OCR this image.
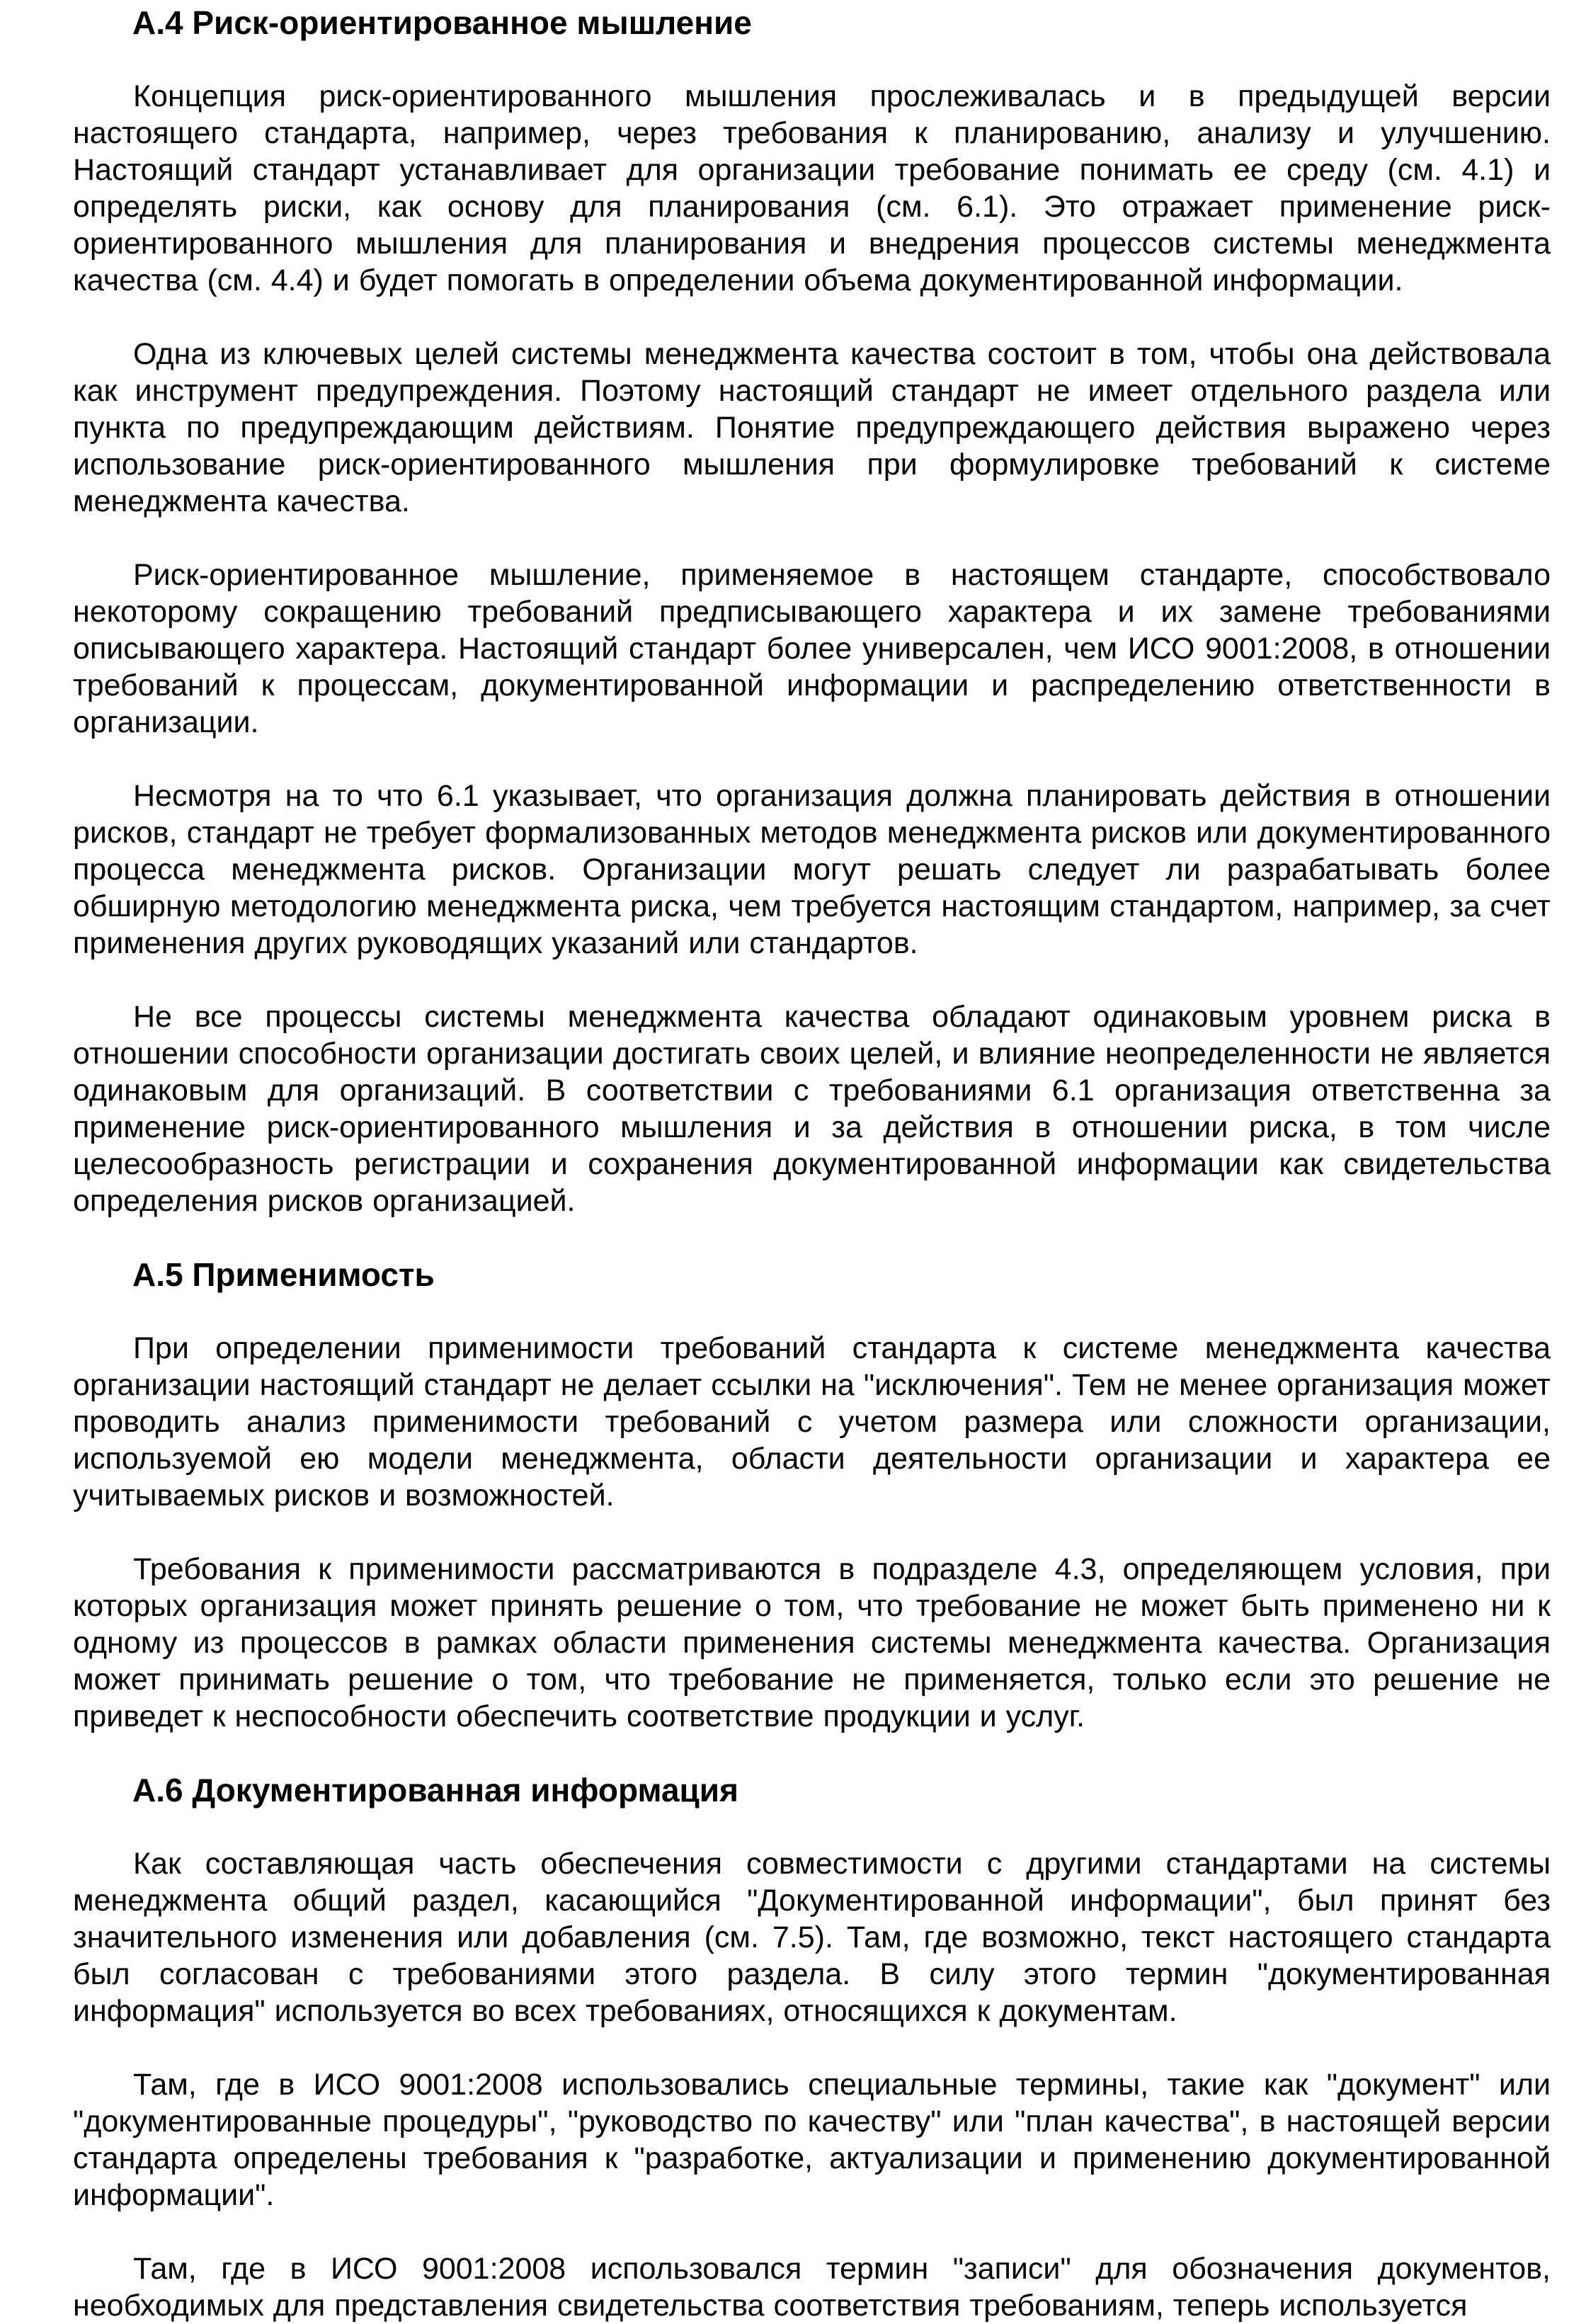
А.4 Риск-ориентированное мышление

Концепция риск-ориентированного мышления прослеживалась и в предыдущей версии настоящего стандарта, например, через требования к планированию, анализу и улучшению. Настоящий стандарт устанавливает для организации требование понимать ее среду (см. 4.1) и определять риски, как основу для планирования (см. 6.1). Это отражает применение риск-ориентированного мышления для планирования и внедрения процессов системы менеджмента качества (см. 4.4) и будет помогать в определении объема документированной информации.

Одна из ключевых целей системы менеджмента качества состоит в том, чтобы она действовала как инструмент предупреждения. Поэтому настоящий стандарт не имеет отдельного раздела или пункта по предупреждающим действиям. Понятие предупреждающего действия выражено через использование риск-ориентированного мышления при формулировке требований к системе менеджмента качества.

Риск-ориентированное мышление, применяемое в настоящем стандарте, способствовало некоторому сокращению требований предписывающего характера и их замене требованиями описывающего характера. Настоящий стандарт более универсален, чем ИСО 9001:2008, в отношении требований к процессам, документированной информации и распределению ответственности в организации.

Несмотря на то что 6.1 указывает, что организация должна планировать действия в отношении рисков, стандарт не требует формализованных методов менеджмента рисков или документированного процесса менеджмента рисков. Организации могут решать следует ли разрабатывать более обширную методологию менеджмента риска, чем требуется настоящим стандартом, например, за счет применения других руководящих указаний или стандартов.

Не все процессы системы менеджмента качества обладают одинаковым уровнем риска в отношении способности организации достигать своих целей, и влияние неопределенности не является одинаковым для организаций. В соответствии с требованиями 6.1 организация ответственна за применение риск-ориентированного мышления и за действия в отношении риска, в том числе целесообразность регистрации и сохранения документированной информации как свидетельства определения рисков организацией.

А.5 Применимость

При определении применимости требований стандарта к системе менеджмента качества организации настоящий стандарт не делает ссылки на "исключения". Тем не менее организация может проводить анализ применимости требований с учетом размера или сложности организации, используемой ею модели менеджмента, области деятельности организации и характера ее учитываемых рисков и возможностей.

Требования к применимости рассматриваются в подразделе 4.3, определяющем условия, при которых организация может принять решение о том, что требование не может быть применено ни к одному из процессов в рамках области применения системы менеджмента качества. Организация может принимать решение о том, что требование не применяется, только если это решение не приведет к неспособности обеспечить соответствие продукции и услуг.

А.6 Документированная информация

Как составляющая часть обеспечения совместимости с другими стандартами на системы менеджмента общий раздел, касающийся "Документированной информации", был принят без значительного изменения или добавления (см. 7.5). Там, где возможно, текст настоящего стандарта был согласован с требованиями этого раздела. В силу этого термин "документированная информация" используется во всех требованиях, относящихся к документам.

Там, где в ИСО 9001:2008 использовались специальные термины, такие как "документ" или "документированные процедуры", "руководство по качеству" или "план качества", в настоящей версии стандарта определены требования к "разработке, актуализации и применению документированной информации".

Там, где в ИСО 9001:2008 использовался термин "записи" для обозначения документов, необходимых для представления свидетельства соответствия требованиям, теперь используется
